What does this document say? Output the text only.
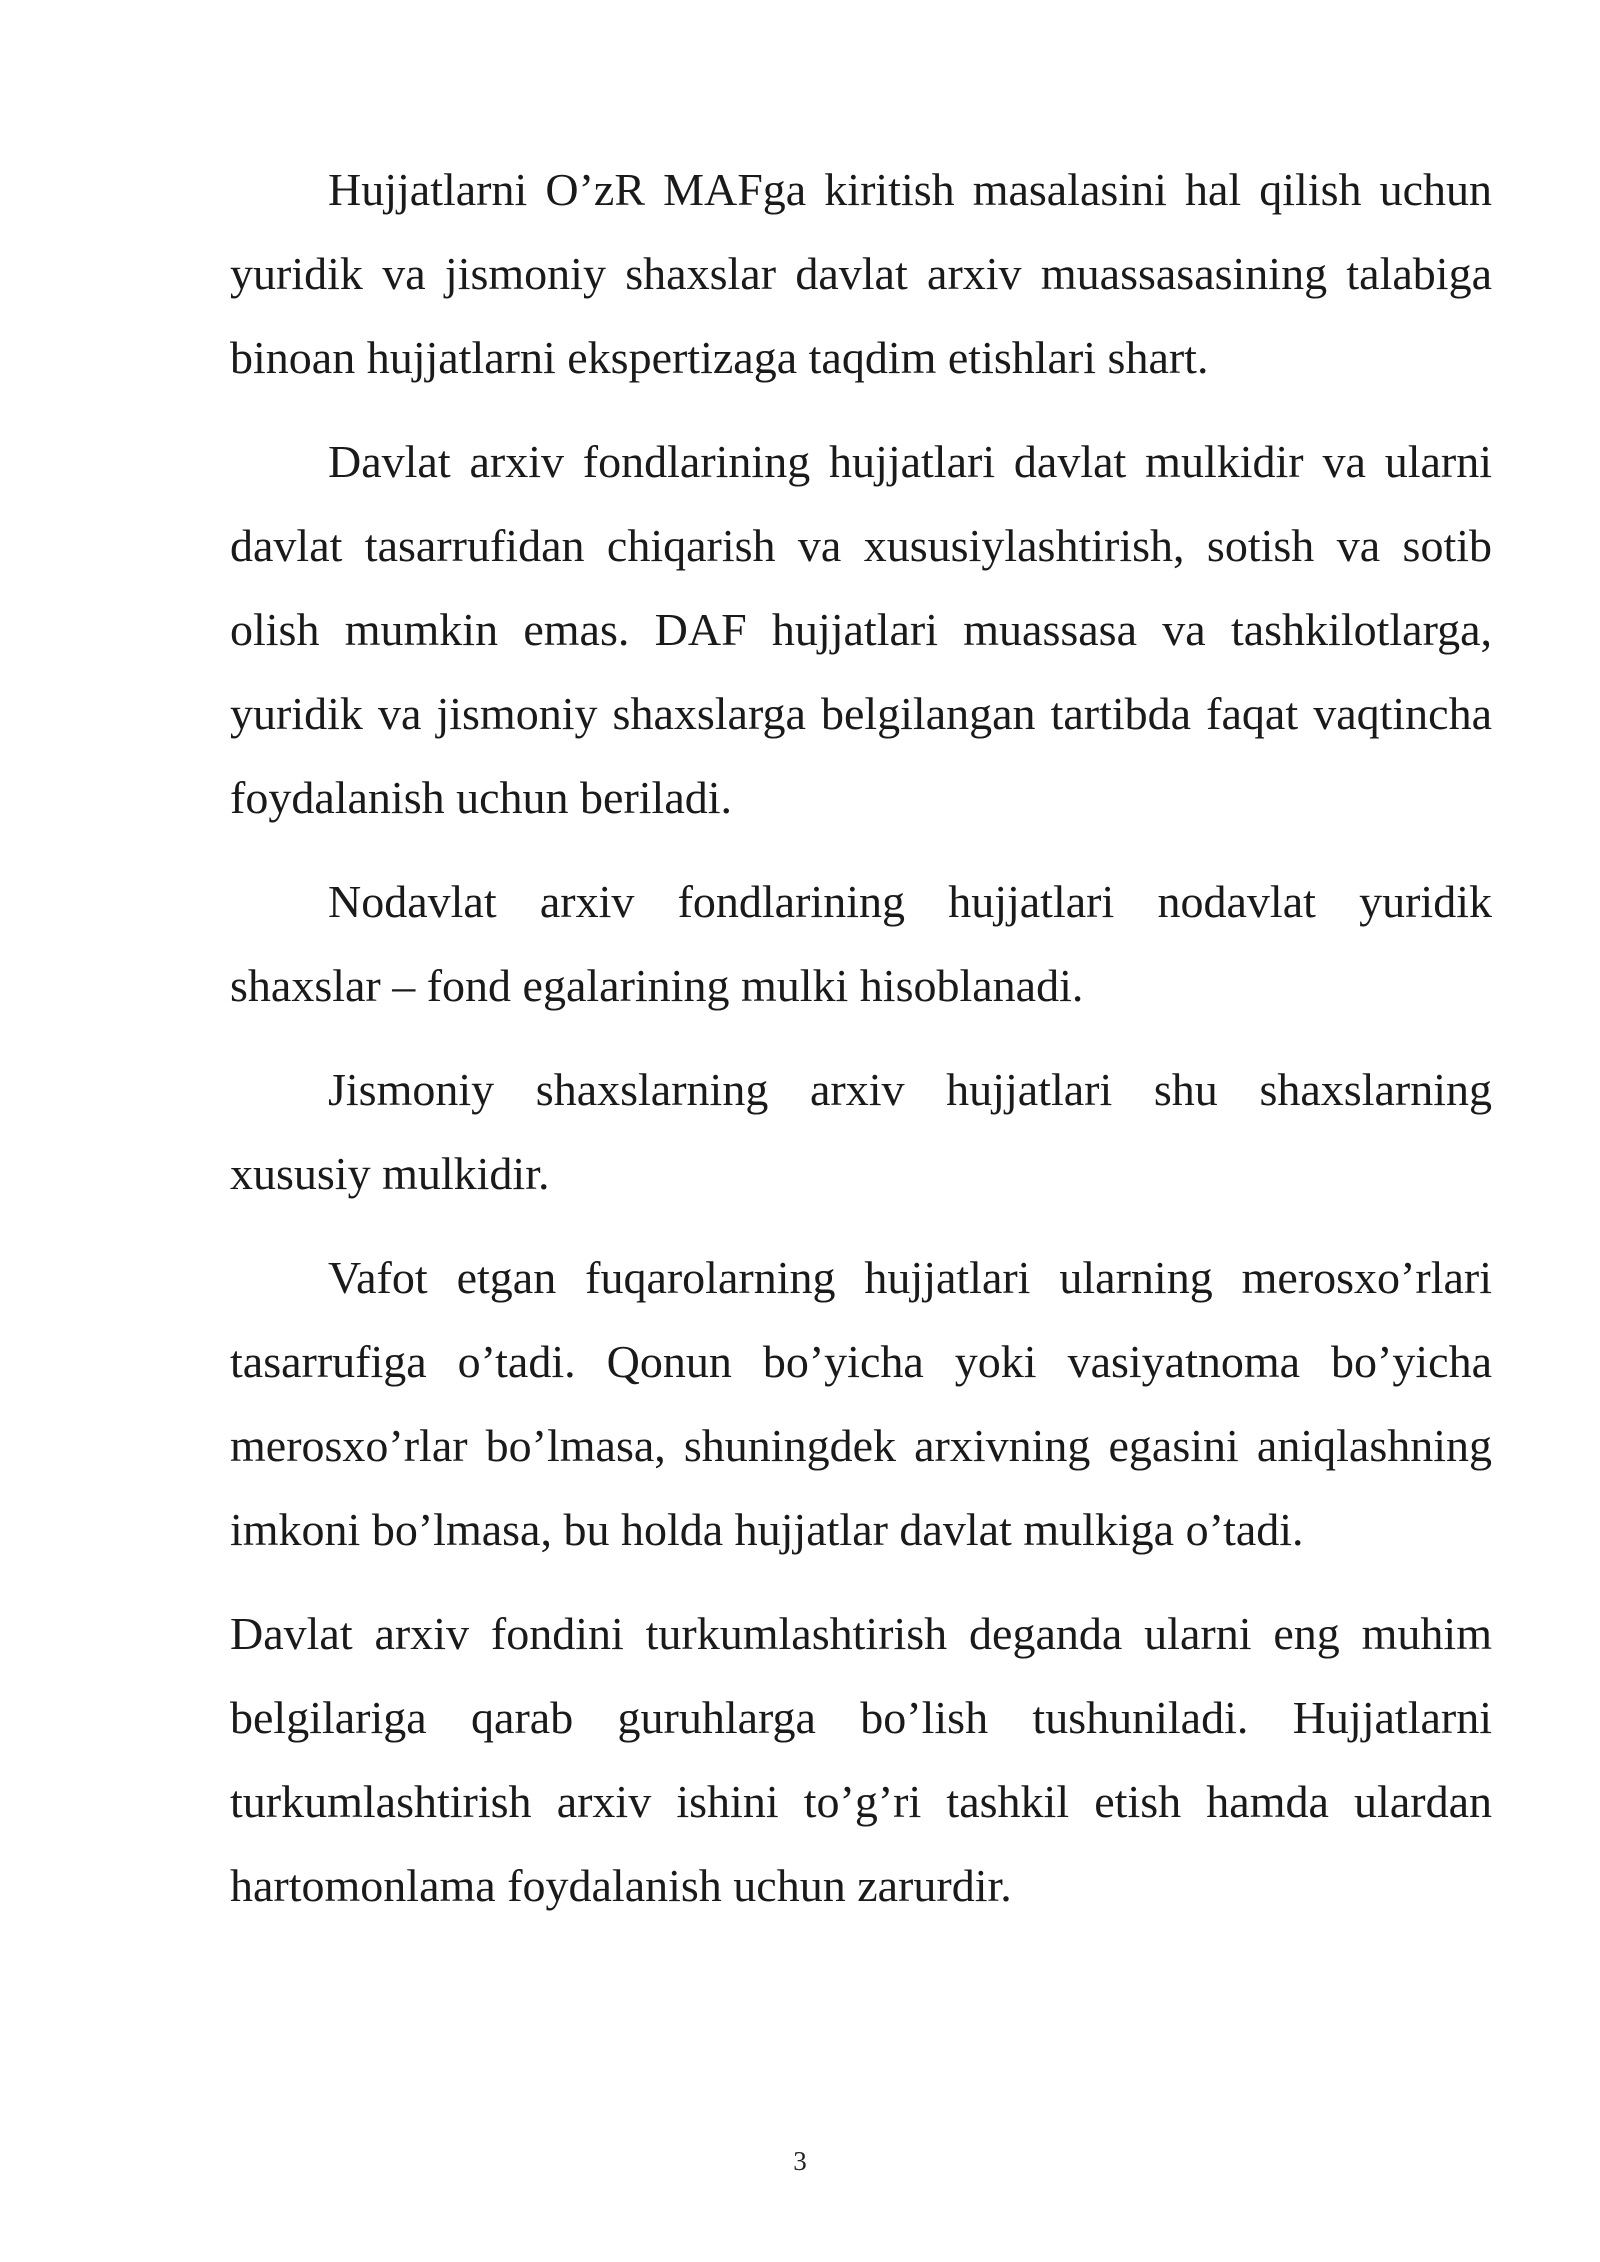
Hujjatlarni O’zR MAFga kiritish masalasini hal qilish uchun yuridik va jismoniy shaxslar davlat arxiv muassasasining talabiga binoan hujjatlarni ekspertizaga taqdim etishlari shart.

Davlat arxiv fondlarining hujjatlari davlat mulkidir va ularni davlat tasarrufidan chiqarish va xususiylashtirish, sotish va sotib olish mumkin emas. DAF hujjatlari muassasa va tashkilotlarga, yuridik va jismoniy shaxslarga belgilangan tartibda faqat vaqtincha foydalanish uchun beriladi.

Nodavlat arxiv fondlarining hujjatlari nodavlat yuridik shaxslar – fond egalarining mulki hisoblanadi.

Jismoniy shaxslarning arxiv hujjatlari shu shaxslarning xususiy mulkidir.

Vafot etgan fuqarolarning hujjatlari ularning merosxo’rlari tasarrufiga o’tadi. Qonun bo’yicha yoki vasiyatnoma bo’yicha merosxo’rlar bo’lmasa, shuningdek arxivning egasini aniqlashning imkoni bo’lmasa, bu holda hujjatlar davlat mulkiga o’tadi.

Davlat arxiv fondini turkumlashtirish deganda ularni eng muhim belgilariga qarab guruhlarga bo’lish tushuniladi. Hujjatlarni turkumlashtirish arxiv ishini to’g’ri tashkil etish hamda ulardan hartomonlama foydalanish uchun zarurdir.

3
